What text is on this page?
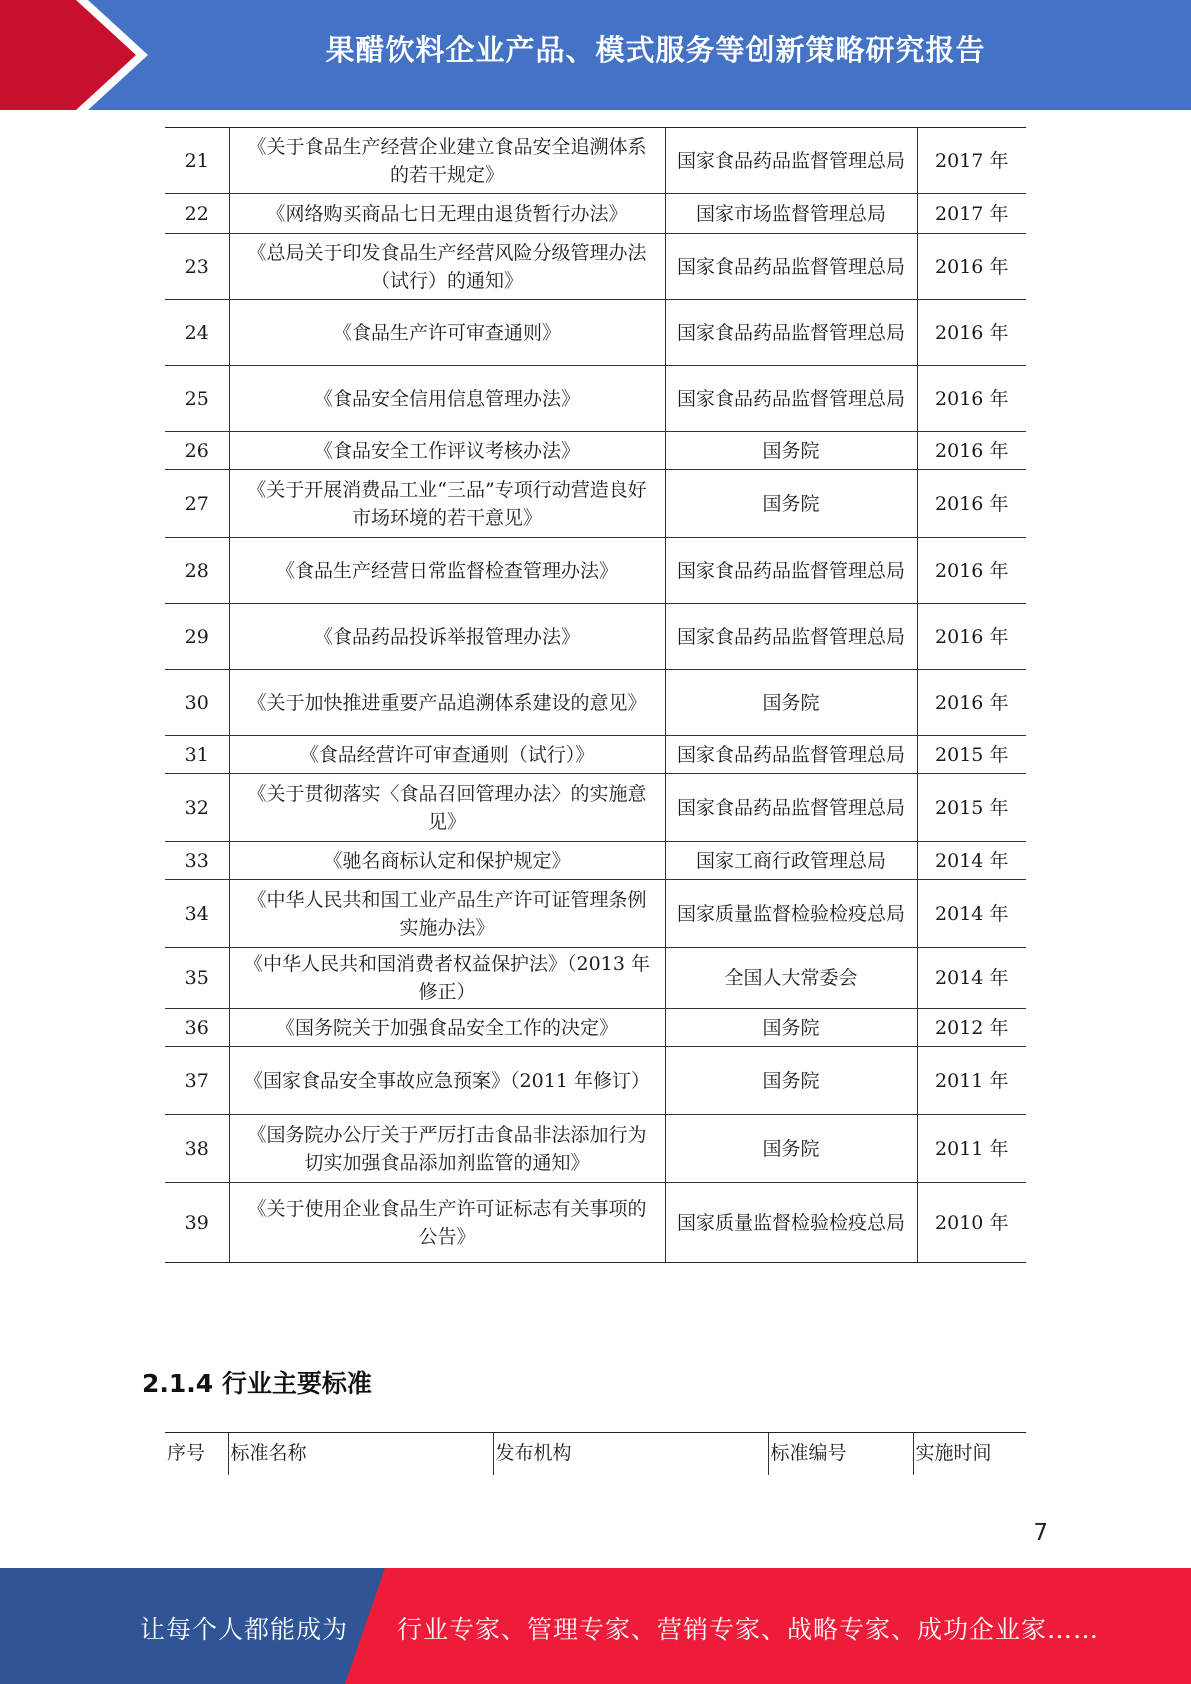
果醋饮料企业产品、模式服务等创新策略研究报告
21	《关于食品生产经营企业建立食品安全追溯体系的若干规定》	国家食品药品监督管理总局	2017 年
22	《网络购买商品七日无理由退货暂行办法》	国家市场监督管理总局	2017 年
23	《总局关于印发食品生产经营风险分级管理办法（试行）的通知》	国家食品药品监督管理总局	2016 年
24	《食品生产许可审查通则》	国家食品药品监督管理总局	2016 年
25	《食品安全信用信息管理办法》	国家食品药品监督管理总局	2016 年
26	《食品安全工作评议考核办法》	国务院	2016 年
27	《关于开展消费品工业“三品”专项行动营造良好市场环境的若干意见》	国务院	2016 年
28	《食品生产经营日常监督检查管理办法》	国家食品药品监督管理总局	2016 年
29	《食品药品投诉举报管理办法》	国家食品药品监督管理总局	2016 年
30	《关于加快推进重要产品追溯体系建设的意见》	国务院	2016 年
31	《食品经营许可审查通则（试行）》	国家食品药品监督管理总局	2015 年
32	《关于贯彻落实〈食品召回管理办法〉的实施意见》	国家食品药品监督管理总局	2015 年
33	《驰名商标认定和保护规定》	国家工商行政管理总局	2014 年
34	《中华人民共和国工业产品生产许可证管理条例实施办法》	国家质量监督检验检疫总局	2014 年
35	《中华人民共和国消费者权益保护法》（2013 年修正）	全国人大常委会	2014 年
36	《国务院关于加强食品安全工作的决定》	国务院	2012 年
37	《国家食品安全事故应急预案》（2011 年修订）	国务院	2011 年
38	《国务院办公厅关于严厉打击食品非法添加行为切实加强食品添加剂监管的通知》	国务院	2011 年
39	《关于使用企业食品生产许可证标志有关事项的公告》	国家质量监督检验检疫总局	2010 年
2.1.4 行业主要标准
序号	标准名称	发布机构	标准编号	实施时间
7
让每个人都能成为 行业专家、管理专家、营销专家、战略专家、成功企业家……
